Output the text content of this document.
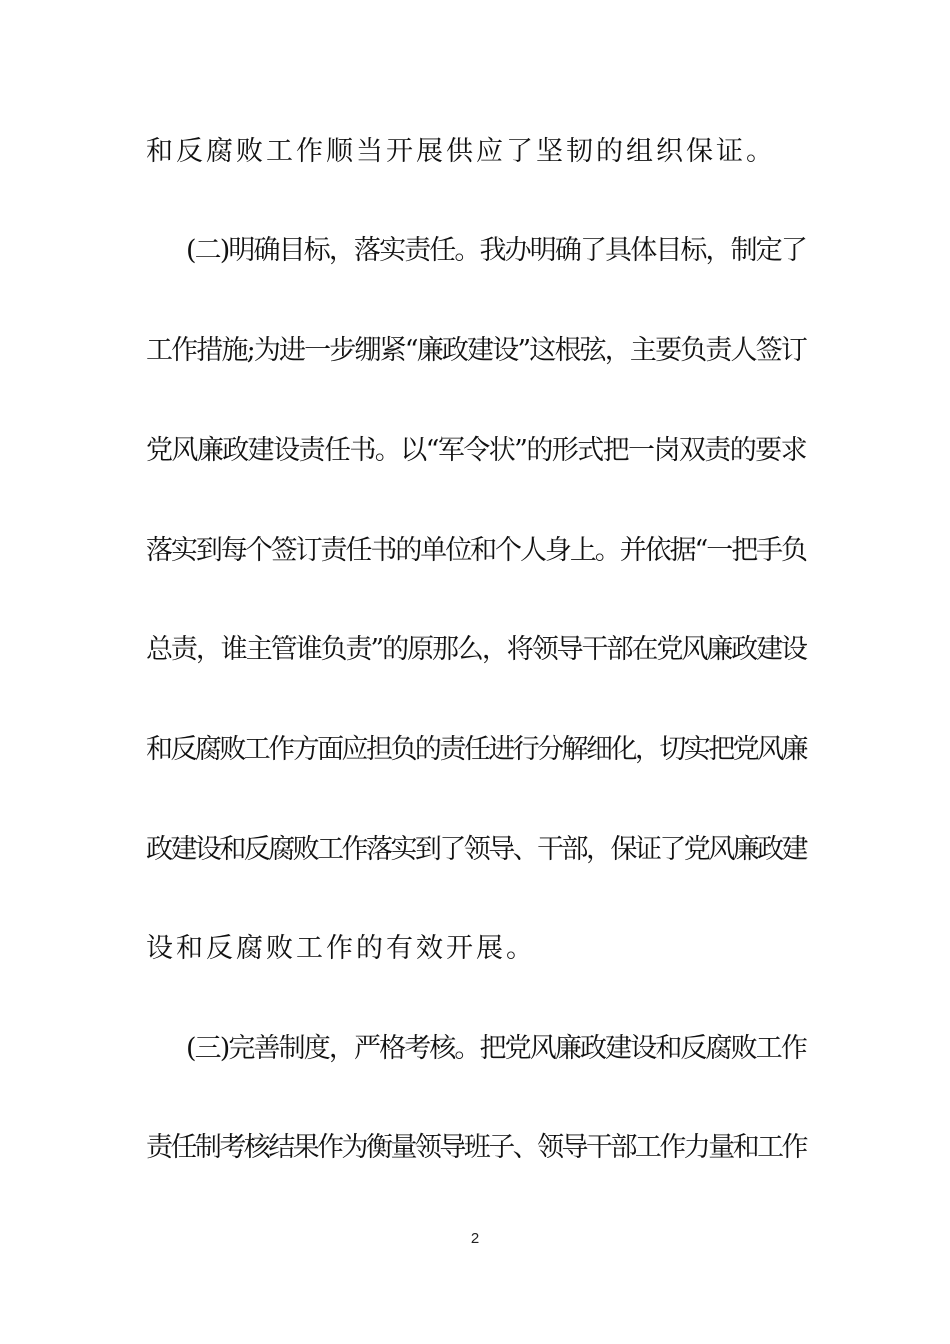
和反腐败工作顺当开展供应了坚韧的组织保证。
(二)明确目标，落实责任。我办明确了具体目标，制定了
工作措施;为进一步绷紧“廉政建设”这根弦，主要负责人签订
党风廉政建设责任书。以“军令状”的形式把一岗双责的要求
落实到每个签订责任书的单位和个人身上。并依据“一把手负
总责，谁主管谁负责”的原那么，将领导干部在党风廉政建设
和反腐败工作方面应担负的责任进行分解细化，切实把党风廉
政建设和反腐败工作落实到了领导、干部，保证了党风廉政建
设和反腐败工作的有效开展。
(三)完善制度，严格考核。把党风廉政建设和反腐败工作
责任制考核结果作为衡量领导班子、领导干部工作力量和工作
2
